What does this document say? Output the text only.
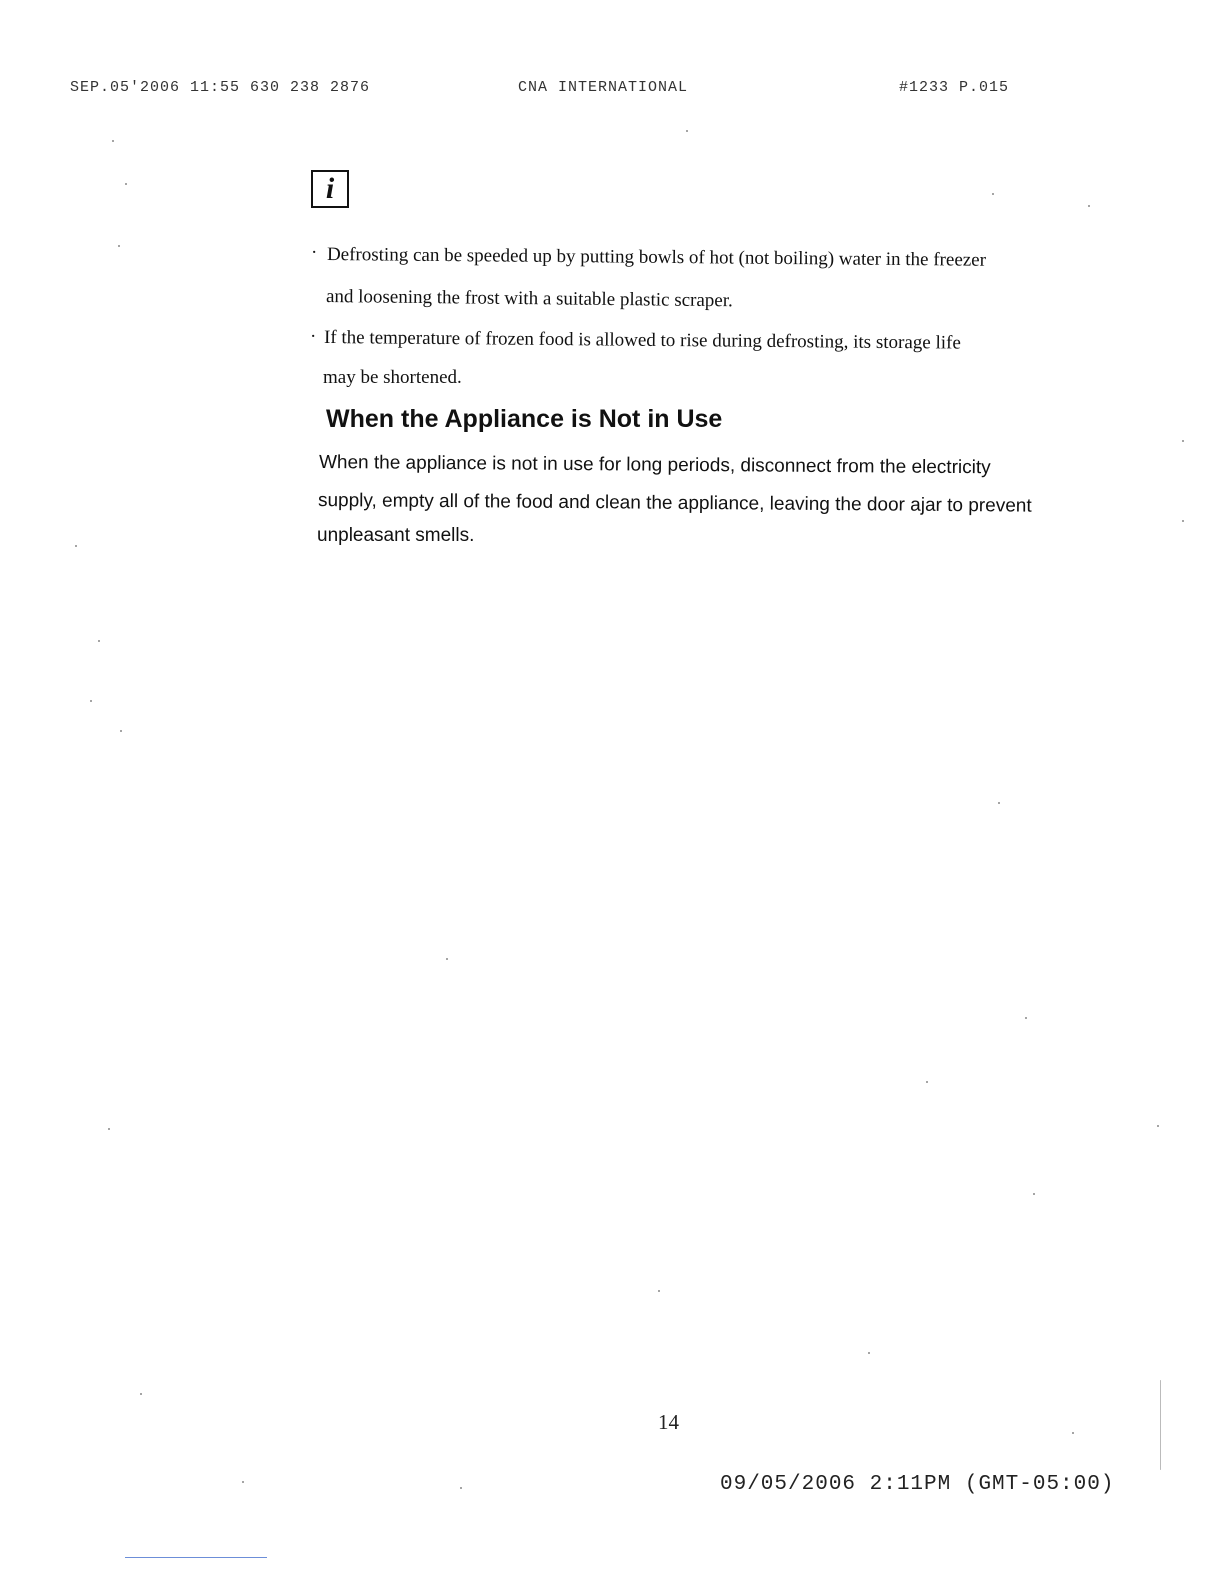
SEP.05'2006 11:55 630 238 2876	CNA INTERNATIONAL	#1233 P.015
i
· Defrosting can be speeded up by putting bowls of hot (not boiling) water in the freezer
and loosening the frost with a suitable plastic scraper.
· If the temperature of frozen food is allowed to rise during defrosting, its storage life
may be shortened.
When the Appliance is Not in Use
When the appliance is not in use for long periods, disconnect from the electricity
supply, empty all of the food and clean the appliance, leaving the door ajar to prevent
unpleasant smells.
14
09/05/2006 2:11PM (GMT-05:00)
